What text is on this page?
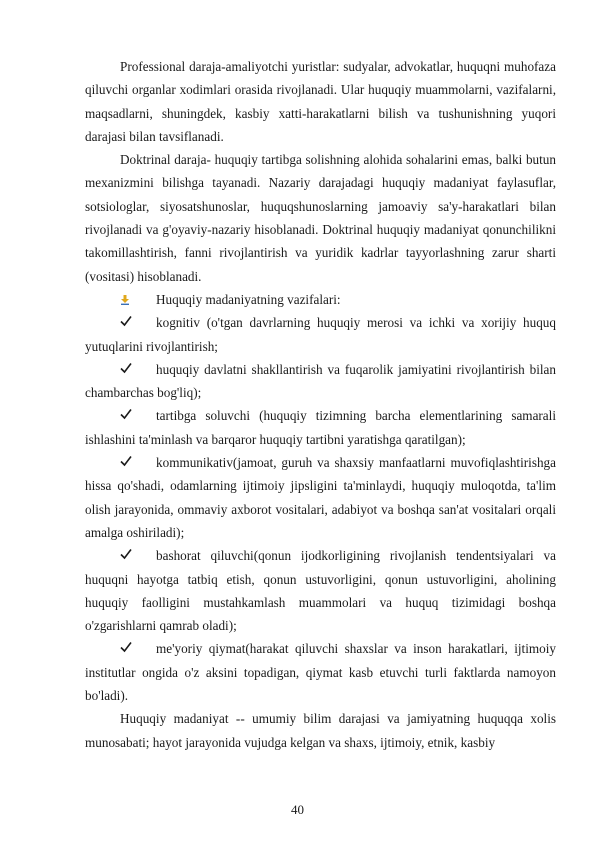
Professional daraja-amaliyotchi yuristlar: sudyalar, advokatlar, huquqni muhofaza qiluvchi organlar xodimlari orasida rivojlanadi. Ular huquqiy muammolarni, vazifalarni, maqsadlarni, shuningdek, kasbiy xatti-harakatlarni bilish va tushunishning yuqori darajasi bilan tavsiflanadi.

Doktrinal daraja- huquqiy tartibga solishning alohida sohalarini emas, balki butun mexanizmini bilishga tayanadi. Nazariy darajadagi huquqiy madaniyat faylasuflar, sotsiologlar, siyosatshunoslar, huquqshunoslarning jamoaviy sa'y-harakatlari bilan rivojlanadi va g'oyaviy-nazariy hisoblanadi. Doktrinal huquqiy madaniyat qonunchilikni takomillashtirish, fanni rivojlantirish va yuridik kadrlar tayyorlashning zarur sharti (vositasi) hisoblanadi.

Huquqiy madaniyatning vazifalari:

kognitiv (o'tgan davrlarning huquqiy merosi va ichki va xorijiy huquq yutuqlarini rivojlantirish;

huquqiy davlatni shakllantirish va fuqarolik jamiyatini rivojlantirish bilan chambarchas bog'liq);

tartibga soluvchi (huquqiy tizimning barcha elementlarining samarali ishlashini ta'minlash va barqaror huquqiy tartibni yaratishga qaratilgan);

kommunikativ(jamoat, guruh va shaxsiy manfaatlarni muvofiqlashtirishga hissa qo'shadi, odamlarning ijtimoiy jipsligini ta'minlaydi, huquqiy muloqotda, ta'lim olish jarayonida, ommaviy axborot vositalari, adabiyot va boshqa san'at vositalari orqali amalga oshiriladi);

bashorat qiluvchi(qonun ijodkorligining rivojlanish tendentsiyalari va huquqni hayotga tatbiq etish, qonun ustuvorligini, qonun ustuvorligini, aholining huquqiy faolligini mustahkamlash muammolari va huquq tizimidagi boshqa o'zgarishlarni qamrab oladi);

me'yoriy qiymat(harakat qiluvchi shaxslar va inson harakatlari, ijtimoiy institutlar ongida o'z aksini topadigan, qiymat kasb etuvchi turli faktlarda namoyon bo'ladi).

Huquqiy madaniyat -- umumiy bilim darajasi va jamiyatning huquqqa xolis munosabati; hayot jarayonida vujudga kelgan va shaxs, ijtimoiy, etnik, kasbiy

40
